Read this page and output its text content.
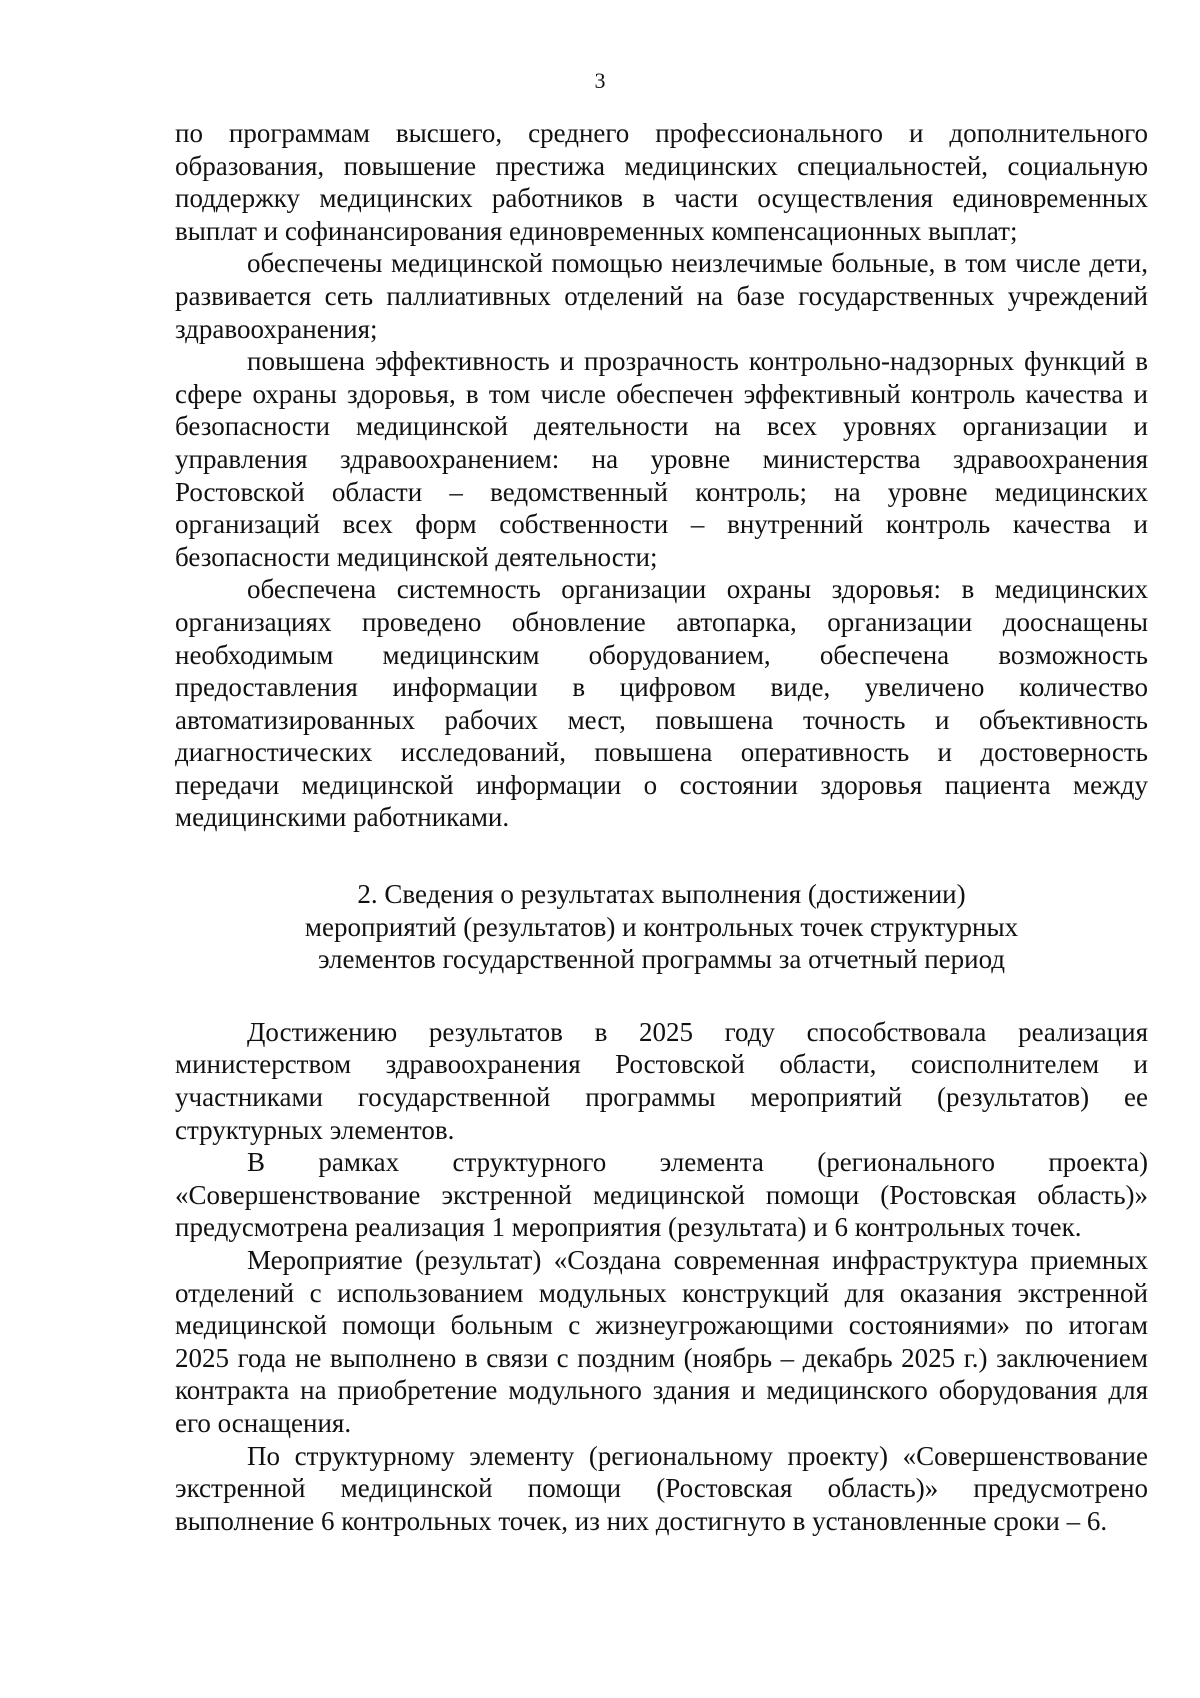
3

по программам высшего, среднего профессионального и дополнительного образования, повышение престижа медицинских специальностей, социальную поддержку медицинских работников в части осуществления единовременных выплат и софинансирования единовременных компенсационных выплат;

обеспечены медицинской помощью неизлечимые больные, в том числе дети, развивается сеть паллиативных отделений на базе государственных учреждений здравоохранения;

повышена эффективность и прозрачность контрольно-надзорных функций в сфере охраны здоровья, в том числе обеспечен эффективный контроль качества и безопасности медицинской деятельности на всех уровнях организации и управления здравоохранением: на уровне министерства здравоохранения Ростовской области – ведомственный контроль; на уровне медицинских организаций всех форм собственности – внутренний контроль качества и безопасности медицинской деятельности;

обеспечена системность организации охраны здоровья: в медицинских организациях проведено обновление автопарка, организации дооснащены необходимым медицинским оборудованием, обеспечена возможность предоставления информации в цифровом виде, увеличено количество автоматизированных рабочих мест, повышена точность и объективность диагностических исследований, повышена оперативность и достоверность передачи медицинской информации о состоянии здоровья пациента между медицинскими работниками.

2. Сведения о результатах выполнения (достижении)
мероприятий (результатов) и контрольных точек структурных
элементов государственной программы за отчетный период

Достижению результатов в 2025 году способствовала реализация министерством здравоохранения Ростовской области, соисполнителем и участниками государственной программы мероприятий (результатов) ее структурных элементов.

В рамках структурного элемента (регионального проекта) «Совершенствование экстренной медицинской помощи (Ростовская область)» предусмотрена реализация 1 мероприятия (результата) и 6 контрольных точек.

Мероприятие (результат) «Создана современная инфраструктура приемных отделений с использованием модульных конструкций для оказания экстренной медицинской помощи больным с жизнеугрожающими состояниями» по итогам 2025 года не выполнено в связи с поздним (ноябрь – декабрь 2025 г.) заключением контракта на приобретение модульного здания и медицинского оборудования для его оснащения.

По структурному элементу (региональному проекту) «Совершенствование экстренной медицинской помощи (Ростовская область)» предусмотрено выполнение 6 контрольных точек, из них достигнуто в установленные сроки – 6.
